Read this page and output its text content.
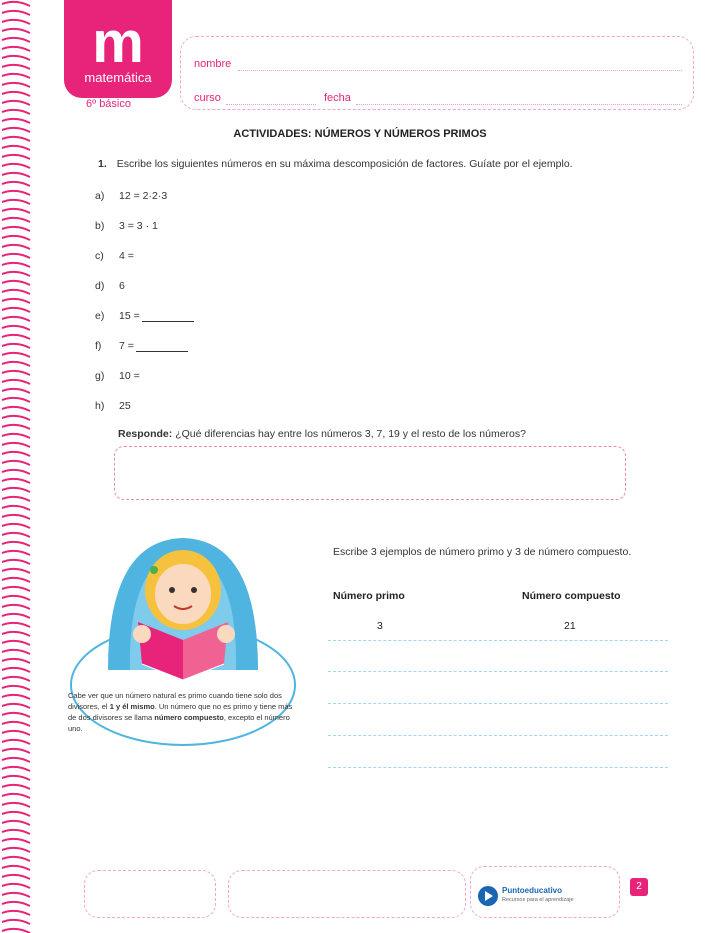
m
matemática
6º básico
nombre
curso	fecha
ACTIVIDADES: NÚMEROS Y NÚMEROS PRIMOS
1. Escribe los siguientes números en su máxima descomposición de factores. Guíate por el ejemplo.
a) 12 = 2·2·3
b) 3 = 3 · 1
c) 4 =
d) 6
e) 15 =
f) 7 =
g) 10 =
h) 25
Responde: ¿Qué diferencias hay entre los números 3, 7, 19 y el resto de los números?
Cabe ver que un número natural es primo cuando tiene solo dos divisores, el 1 y él mismo. Un número que no es primo y tiene más de dos divisores se llama número compuesto, excepto el número uno.
Escribe 3 ejemplos de número primo y 3 de número compuesto.
Número primo	Número compuesto
3	21
Puntoeducativo
Recursos para el aprendizaje
2
